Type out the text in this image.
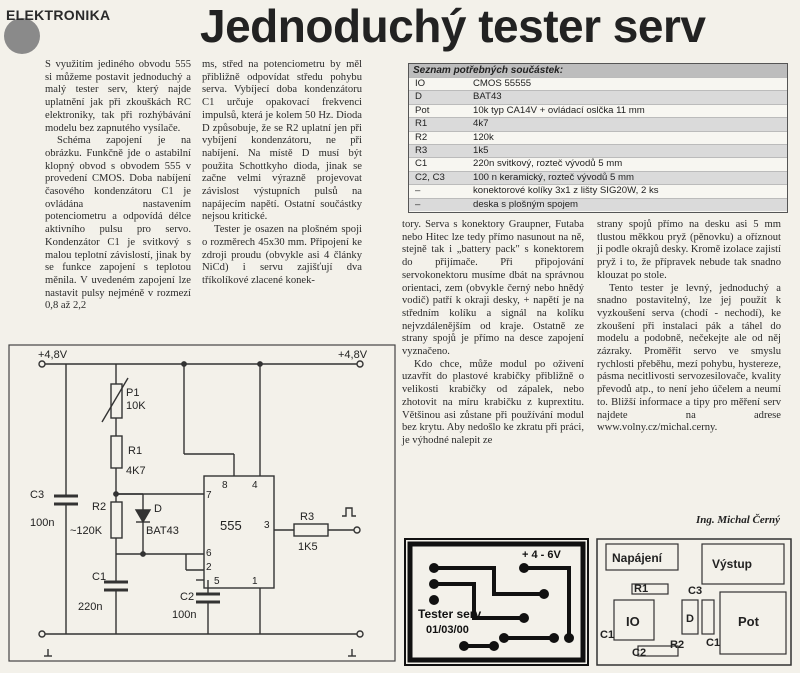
ELEKTRONIKA Jednoduchý tester serv

S využitím jediného obvodu 555 si můžeme postavit jednoduchý a malý tester serv, který najde uplatnění jak při zkouškách RC elektroniky, tak při rozhýbávání modelu bez zapnutého vysílače.

Schéma zapojení je na obrázku. Funkčně jde o astabilní klopný obvod s obvodem 555 v provedení CMOS. Doba nabíjení časového kondenzátoru C1 je ovládána nastavením potenciometru a odpovídá délce aktivního pulsu pro servo. Kondenzátor C1 je svitkový s malou teplotní závislostí, jinak by se funkce zapojení s teplotou měnila. V uvedeném zapojení lze nastavit pulsy nejméně v rozmezí 0,8 až 2,2

ms, střed na potenciometru by měl přibližně odpovídat středu pohybu serva. Vybíjecí doba kondenzátoru C1 určuje opakovací frekvenci impulsů, která je kolem 50 Hz. Dioda D způsobuje, že se R2 uplatní jen při vybíjení kondenzátoru, ne při nabíjení. Na místě D musí být použita Schottkyho dioda, jinak se začne velmi výrazně projevovat závislost výstupních pulsů na napájecím napětí. Ostatní součástky nejsou kritické.

Tester je osazen na plošném spoji o rozměrech 45x30 mm. Připojení ke zdroji proudu (obvykle asi 4 články NiCd) i servu zajišťují dva tříkolíkové zlacené konek-

tory. Serva s konektory Graupner, Futaba nebo Hitec lze tedy přímo nasunout na ně, stejně tak i „battery pack" s konektorem do přijímače. Při připojování servokonektoru musíme dbát na správnou orientaci, zem (obvykle černý nebo hnědý vodič) patří k okraji desky, + napětí je na středním kolíku a signál na kolíku nejvzdálenějším od kraje. Ostatně ze strany spojů je přímo na desce zapojení vyznačeno.

Kdo chce, může modul po oživení uzavřít do plastové krabičky přibližně o velikosti krabičky od zápalek, nebo zhotovit na míru krabičku z kuprextitu. Většinou asi zůstane při používání modul bez krytu. Aby nedošlo ke zkratu při práci, je výhodné nalepit ze

strany spojů přímo na desku asi 5 mm tlustou měkkou pryž (pěnovku) a oříznout ji podle okrajů desky. Kromě izolace zajistí pryž i to, že přípravek nebude tak snadno klouzat po stole.

Tento tester je levný, jednoduchý a snadno postavitelný, lze jej použít k vyzkoušení serva (chodí - nechodí), ke zkoušení při instalaci pák a táhel do modelu a podobně, nečekejte ale od něj zázraky. Proměřit servo ve smyslu rychlosti přeběhu, mezí pohybu, hystereze, pásma necitlivosti servozesilovače, kvality převodů atp., to není jeho účelem a neumí to. Bližší informace a tipy pro měření serv najdete na adrese www.volny.cz/michal.cerny.

Ing. Michal Černý
Seznam potřebných součástek:
IO	CMOS 55555
D	BAT43
Pot	10k typ CA14V + ovládací oslčka 11 mm
R1	4k7
R2	120k
R3	1k5
C1	220n svitkový, rozteč vývodů 5 mm
C2, C3	100 n keramický, rozteč vývodů 5 mm
–	konektorové kolíky 3x1 z lišty SIG20W, 2 ks
–	deska s plošným spojem
+4,8V	+4,8V
P1
10K
R1
4K7
R2
~120K
D
BAT43
C1
220n
C2
100n
C3
100n	R3
1K5
555
8 4
7
6
2
5	1
3
+ 4 - 6V
Tester serv
01/03/00
Napájení	Výstup
IO	Pot
R1
R2 C1
C1
C2
C3
D
